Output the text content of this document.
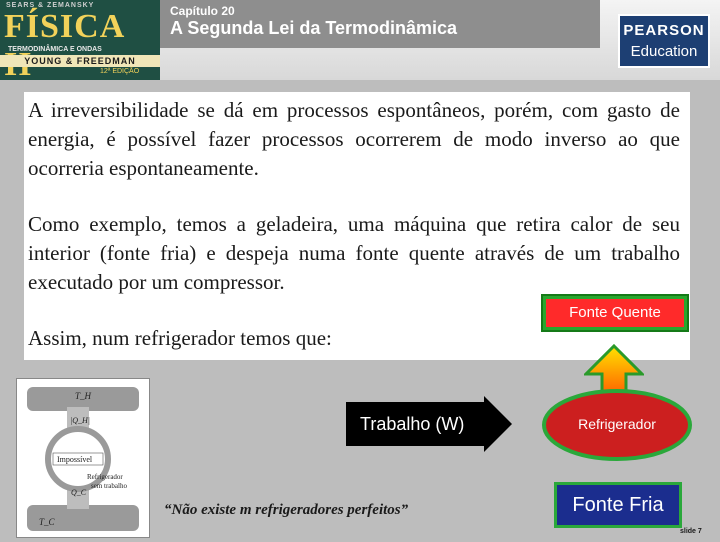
SEARS & ZEMANSKY
FÍSICA
TERMODINÂMICA E ONDAS
YOUNG & FREEDMAN
12ª EDIÇÃO
Capítulo 20
A Segunda Lei da Termodinâmica	PEARSON
Education

A irreversibilidade se dá em processos espontâneos, porém, com gasto de energia, é possível fazer processos ocorrerem de modo inverso ao que ocorreria espontaneamente.

Como exemplo, temos a geladeira, uma máquina que retira calor de seu interior (fonte fria) e despeja numa fonte quente através de um trabalho executado por um compressor.

Assim, num refrigerador temos que:

Fonte Quente
Refrigerador
Trabalho (W)
Fonte Fria
T_H
|Q_H|
Impossível
Refrigerador
sem trabalho
Q_C
T_C
“Não existe m refrigeradores perfeitos”
slide 7
